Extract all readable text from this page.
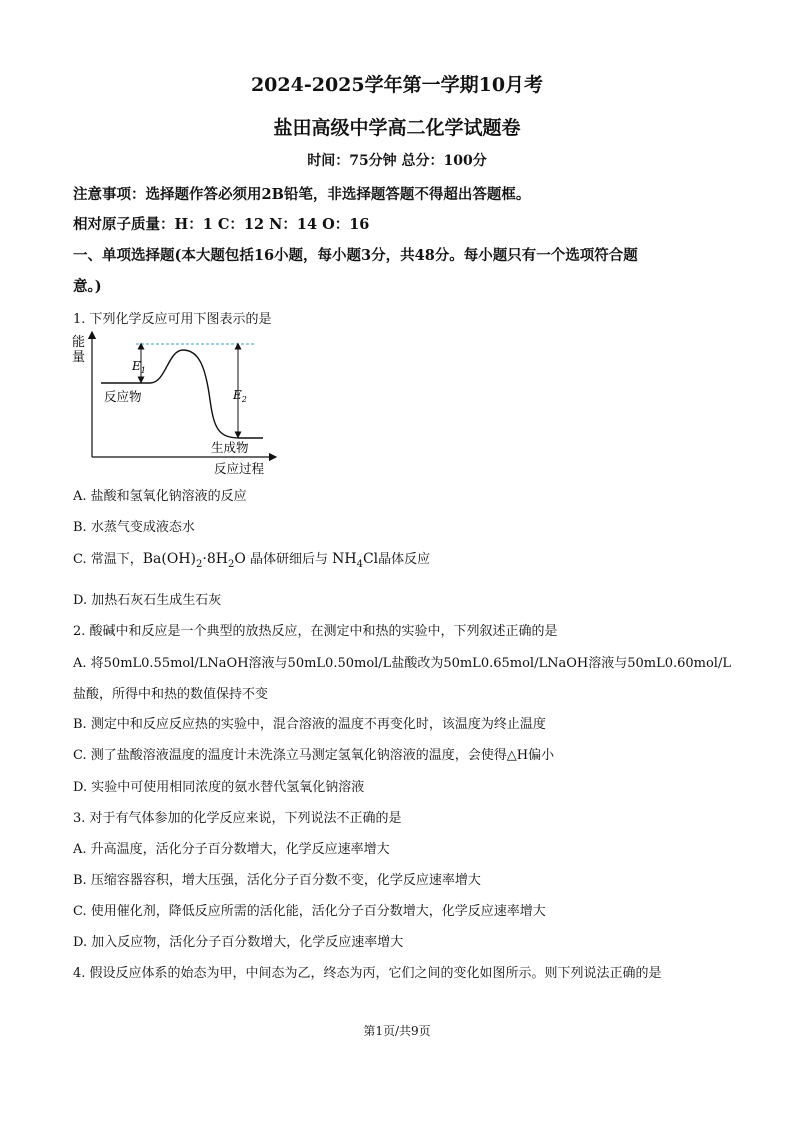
2024-2025学年第一学期10月考
盐田高级中学高二化学试题卷
时间：75分钟 总分：100分
注意事项：选择题作答必须用2B铅笔，非选择题答题不得超出答题框。
相对原子质量：H：1 C：12 N：14 O：16
一、单项选择题(本大题包括16小题，每小题3分，共48分。每小题只有一个选项符合题
意。)
1. 下列化学反应可用下图表示的是
能
量
$E_1$
$E_2$
反应物
生成物
反应过程
A. 盐酸和氢氧化钠溶液的反应
B. 水蒸气变成液态水
C. 常温下，$Ba(OH)_2\cdot 8H_2O$ 晶体研细后与 $NH_4Cl$晶体反应
D. 加热石灰石生成生石灰
2. 酸碱中和反应是一个典型的放热反应，在测定中和热的实验中，下列叙述正确的是
A. 将50mL0.55mol/LNaOH溶液与50mL0.50mol/L盐酸改为50mL0.65mol/LNaOH溶液与50mL0.60mol/L
盐酸，所得中和热的数值保持不变
B. 测定中和反应反应热的实验中，混合溶液的温度不再变化时，该温度为终止温度
C. 测了盐酸溶液温度的温度计未洗涤立马测定氢氧化钠溶液的温度，会使得△H偏小
D. 实验中可使用相同浓度的氨水替代氢氧化钠溶液
3. 对于有气体参加的化学反应来说，下列说法不正确的是
A. 升高温度，活化分子百分数增大，化学反应速率增大
B. 压缩容器容积，增大压强，活化分子百分数不变，化学反应速率增大
C. 使用催化剂，降低反应所需的活化能，活化分子百分数增大，化学反应速率增大
D. 加入反应物，活化分子百分数增大，化学反应速率增大
4. 假设反应体系的始态为甲，中间态为乙，终态为丙，它们之间的变化如图所示。则下列说法正确的是
第1页/共9页
